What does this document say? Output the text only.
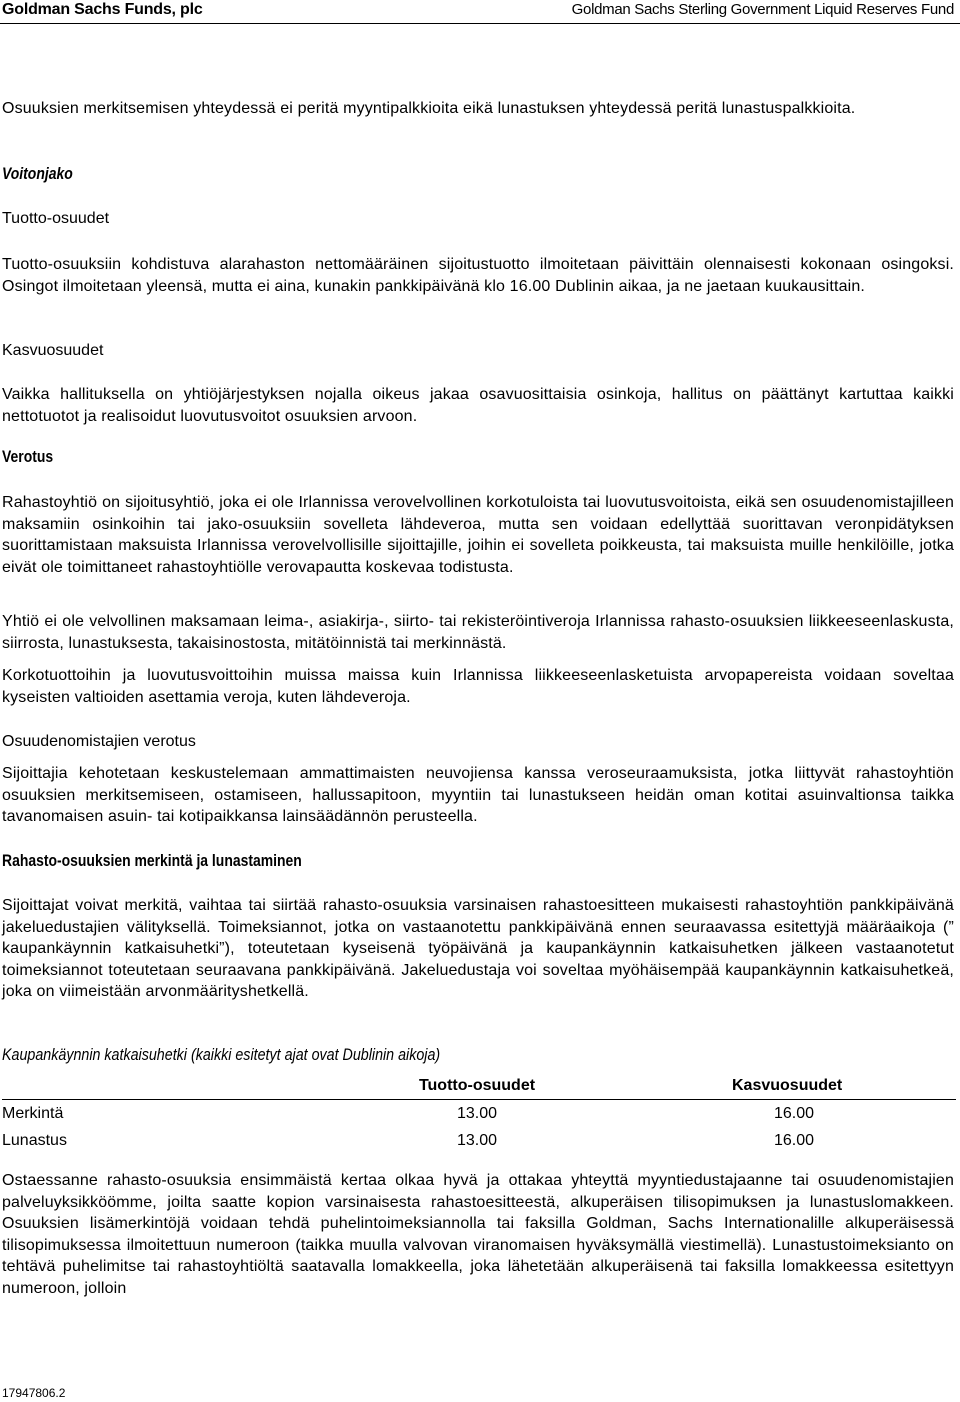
Goldman Sachs Funds, plc	Goldman Sachs Sterling Government Liquid Reserves Fund

Osuuksien merkitsemisen yhteydessä ei peritä myyntipalkkioita eikä lunastuksen yhteydessä peritä lunastuspalkkioita.

Voitonjako
Tuotto-osuudet

Tuotto-osuuksiin kohdistuva alarahaston nettomääräinen sijoitustuotto ilmoitetaan päivittäin olennaisesti kokonaan osingoksi. Osingot ilmoitetaan yleensä, mutta ei aina, kunakin pankkipäivänä klo 16.00 Dublinin aikaa, ja ne jaetaan kuukausittain.

Kasvuosuudet

Vaikka hallituksella on yhtiöjärjestyksen nojalla oikeus jakaa osavuosittaisia osinkoja, hallitus on päättänyt kartuttaa kaikki nettotuotot ja realisoidut luovutusvoitot osuuksien arvoon.

Verotus

Rahastoyhtiö on sijoitusyhtiö, joka ei ole Irlannissa verovelvollinen korkotuloista tai luovutusvoitoista, eikä sen osuudenomistajilleen maksamiin osinkoihin tai jako-osuuksiin sovelleta lähdeveroa, mutta sen voidaan edellyttää suorittavan veronpidätyksen suorittamistaan maksuista Irlannissa verovelvollisille sijoittajille, joihin ei sovelleta poikkeusta, tai maksuista muille henkilöille, jotka eivät ole toimittaneet rahastoyhtiölle verovapautta koskevaa todistusta.

Yhtiö ei ole velvollinen maksamaan leima-, asiakirja-, siirto- tai rekisteröintiveroja Irlannissa rahasto-osuuksien liikkeeseenlaskusta, siirrosta, lunastuksesta, takaisinostosta, mitätöinnistä tai merkinnästä.

Korkotuottoihin ja luovutusvoittoihin muissa maissa kuin Irlannissa liikkeeseenlasketuista arvopapereista voidaan soveltaa kyseisten valtioiden asettamia veroja, kuten lähdeveroja.

Osuudenomistajien verotus

Sijoittajia kehotetaan keskustelemaan ammattimaisten neuvojiensa kanssa veroseuraamuksista, jotka liittyvät rahastoyhtiön osuuksien merkitsemiseen, ostamiseen, hallussapitoon, myyntiin tai lunastukseen heidän oman kotitai asuinvaltionsa taikka tavanomaisen asuin- tai kotipaikkansa lainsäädännön perusteella.

Rahasto-osuuksien merkintä ja lunastaminen

Sijoittajat voivat merkitä, vaihtaa tai siirtää rahasto-osuuksia varsinaisen rahastoesitteen mukaisesti rahastoyhtiön pankkipäivänä jakeluedustajien välityksellä. Toimeksiannot, jotka on vastaanotettu pankkipäivänä ennen seuraavassa esitettyjä määräaikoja (” kaupankäynnin katkaisuhetki”), toteutetaan kyseisenä työpäivänä ja kaupankäynnin katkaisuhetken jälkeen vastaanotetut toimeksiannot toteutetaan seuraavana pankkipäivänä. Jakeluedustaja voi soveltaa myöhäisempää kaupankäynnin katkaisuhetkeä, joka on viimeistään arvonmäärityshetkellä.

Kaupankäynnin katkaisuhetki (kaikki esitetyt ajat ovat Dublinin aikoja)
	Tuotto-osuudet	Kasvuosuudet
Merkintä	13.00	16.00
Lunastus	13.00	16.00

Ostaessanne rahasto-osuuksia ensimmäistä kertaa olkaa hyvä ja ottakaa yhteyttä myyntiedustajaanne tai osuudenomistajien palveluyksikköömme, joilta saatte kopion varsinaisesta rahastoesitteestä, alkuperäisen tilisopimuksen ja lunastuslomakkeen. Osuuksien lisämerkintöjä voidaan tehdä puhelintoimeksiannolla tai faksilla Goldman, Sachs Internationalille alkuperäisessä tilisopimuksessa ilmoitettuun numeroon (taikka muulla valvovan viranomaisen hyväksymällä viestimellä). Lunastustoimeksianto on tehtävä puhelimitse tai rahastoyhtiöltä saatavalla lomakkeella, joka lähetetään alkuperäisenä tai faksilla lomakkeessa esitettyyn numeroon, jolloin

17947806.2
